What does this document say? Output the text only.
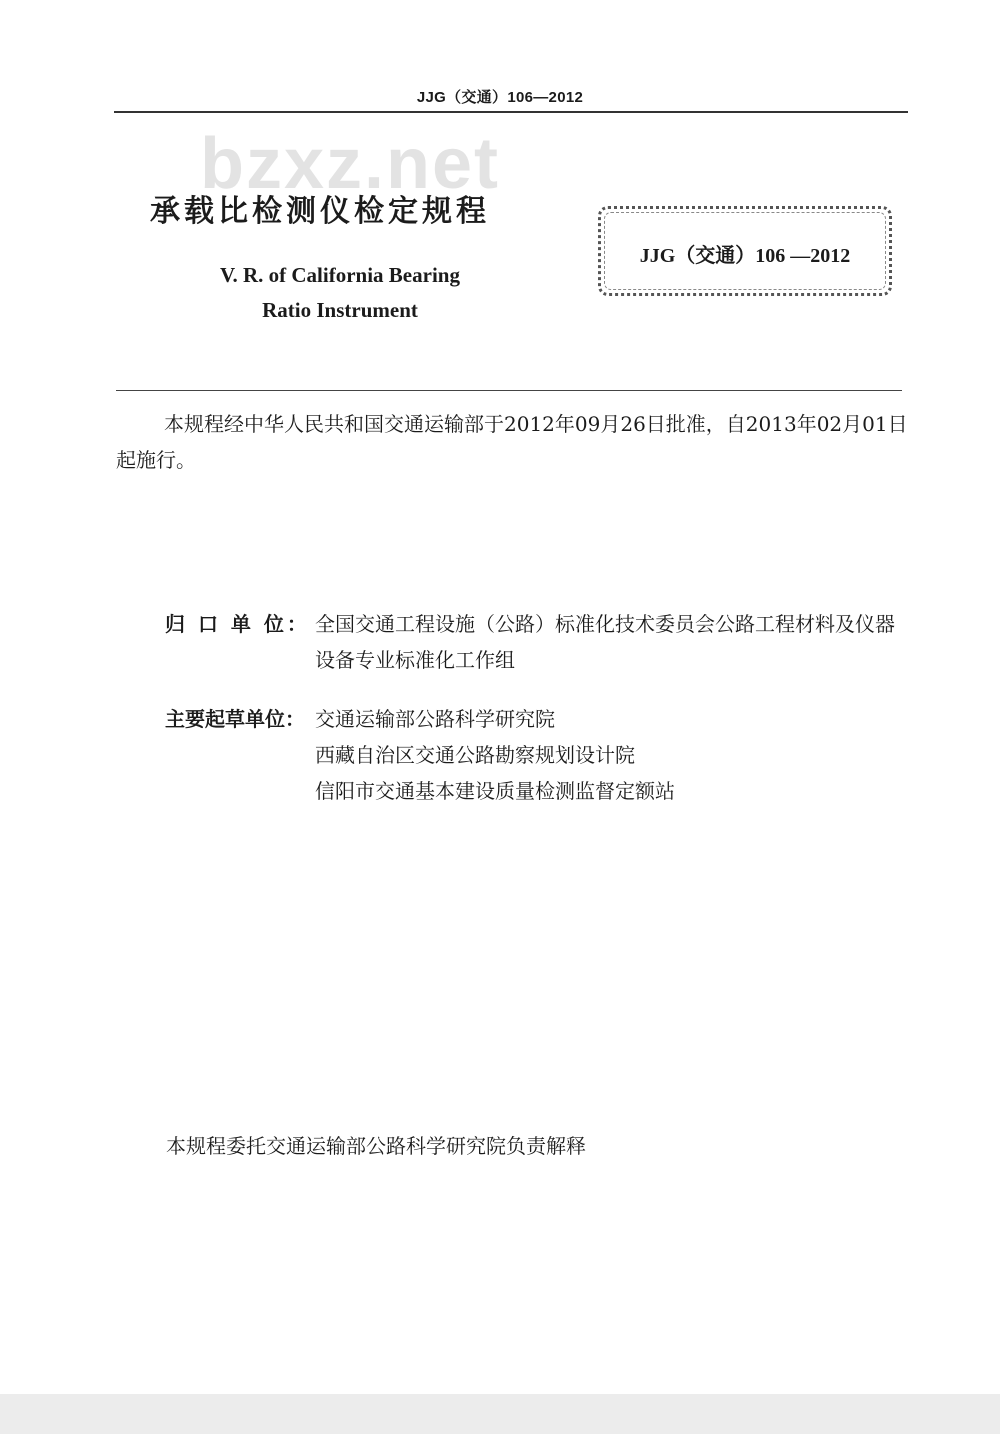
JJG（交通）106—2012
bzxz.net
承载比检测仪检定规程
V. R. of California Bearing
Ratio Instrument
JJG（交通）106 —2012
本规程经中华人民共和国交通运输部于2012年09月26日批准，自2013年02月01日起施行。
归 口 单 位： 全国交通工程设施（公路）标准化技术委员会公路工程材料及仪器设备专业标准化工作组
主要起草单位： 交通运输部公路科学研究院
西藏自治区交通公路勘察规划设计院
信阳市交通基本建设质量检测监督定额站
本规程委托交通运输部公路科学研究院负责解释
